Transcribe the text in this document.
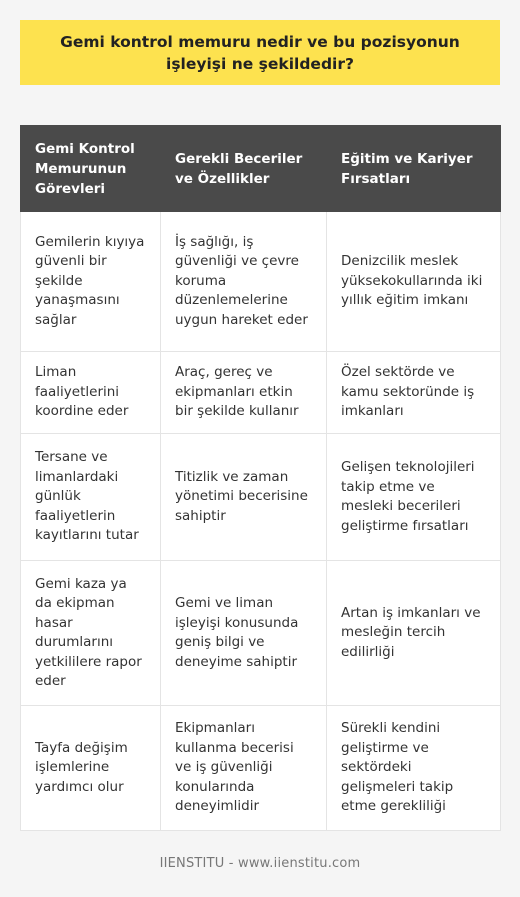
Gemi kontrol memuru nedir ve bu pozisyonun işleyişi ne şekildedir?
Gemi Kontrol Memurunun Görevleri	Gerekli Beceriler ve Özellikler	Eğitim ve Kariyer Fırsatları
Gemilerin kıyıya güvenli bir şekilde yanaşmasını sağlar	İş sağlığı, iş güvenliği ve çevre koruma düzenlemelerine uygun hareket eder	Denizcilik meslek yüksekokullarında iki yıllık eğitim imkanı
Liman faaliyetlerini koordine eder	Araç, gereç ve ekipmanları etkin bir şekilde kullanır	Özel sektörde ve kamu sektoründe iş imkanları
Tersane ve limanlardaki günlük faaliyetlerin kayıtlarını tutar	Titizlik ve zaman yönetimi becerisine sahiptir	Gelişen teknolojileri takip etme ve mesleki becerileri geliştirme fırsatları
Gemi kaza ya da ekipman hasar durumlarını yetkililere rapor eder	Gemi ve liman işleyişi konusunda geniş bilgi ve deneyime sahiptir	Artan iş imkanları ve mesleğin tercih edilirliği
Tayfa değişim işlemlerine yardımcı olur	Ekipmanları kullanma becerisi ve iş güvenliği konularında deneyimlidir	Sürekli kendini geliştirme ve sektördeki gelişmeleri takip etme gerekliliği
IIENSTITU - www.iienstitu.com
